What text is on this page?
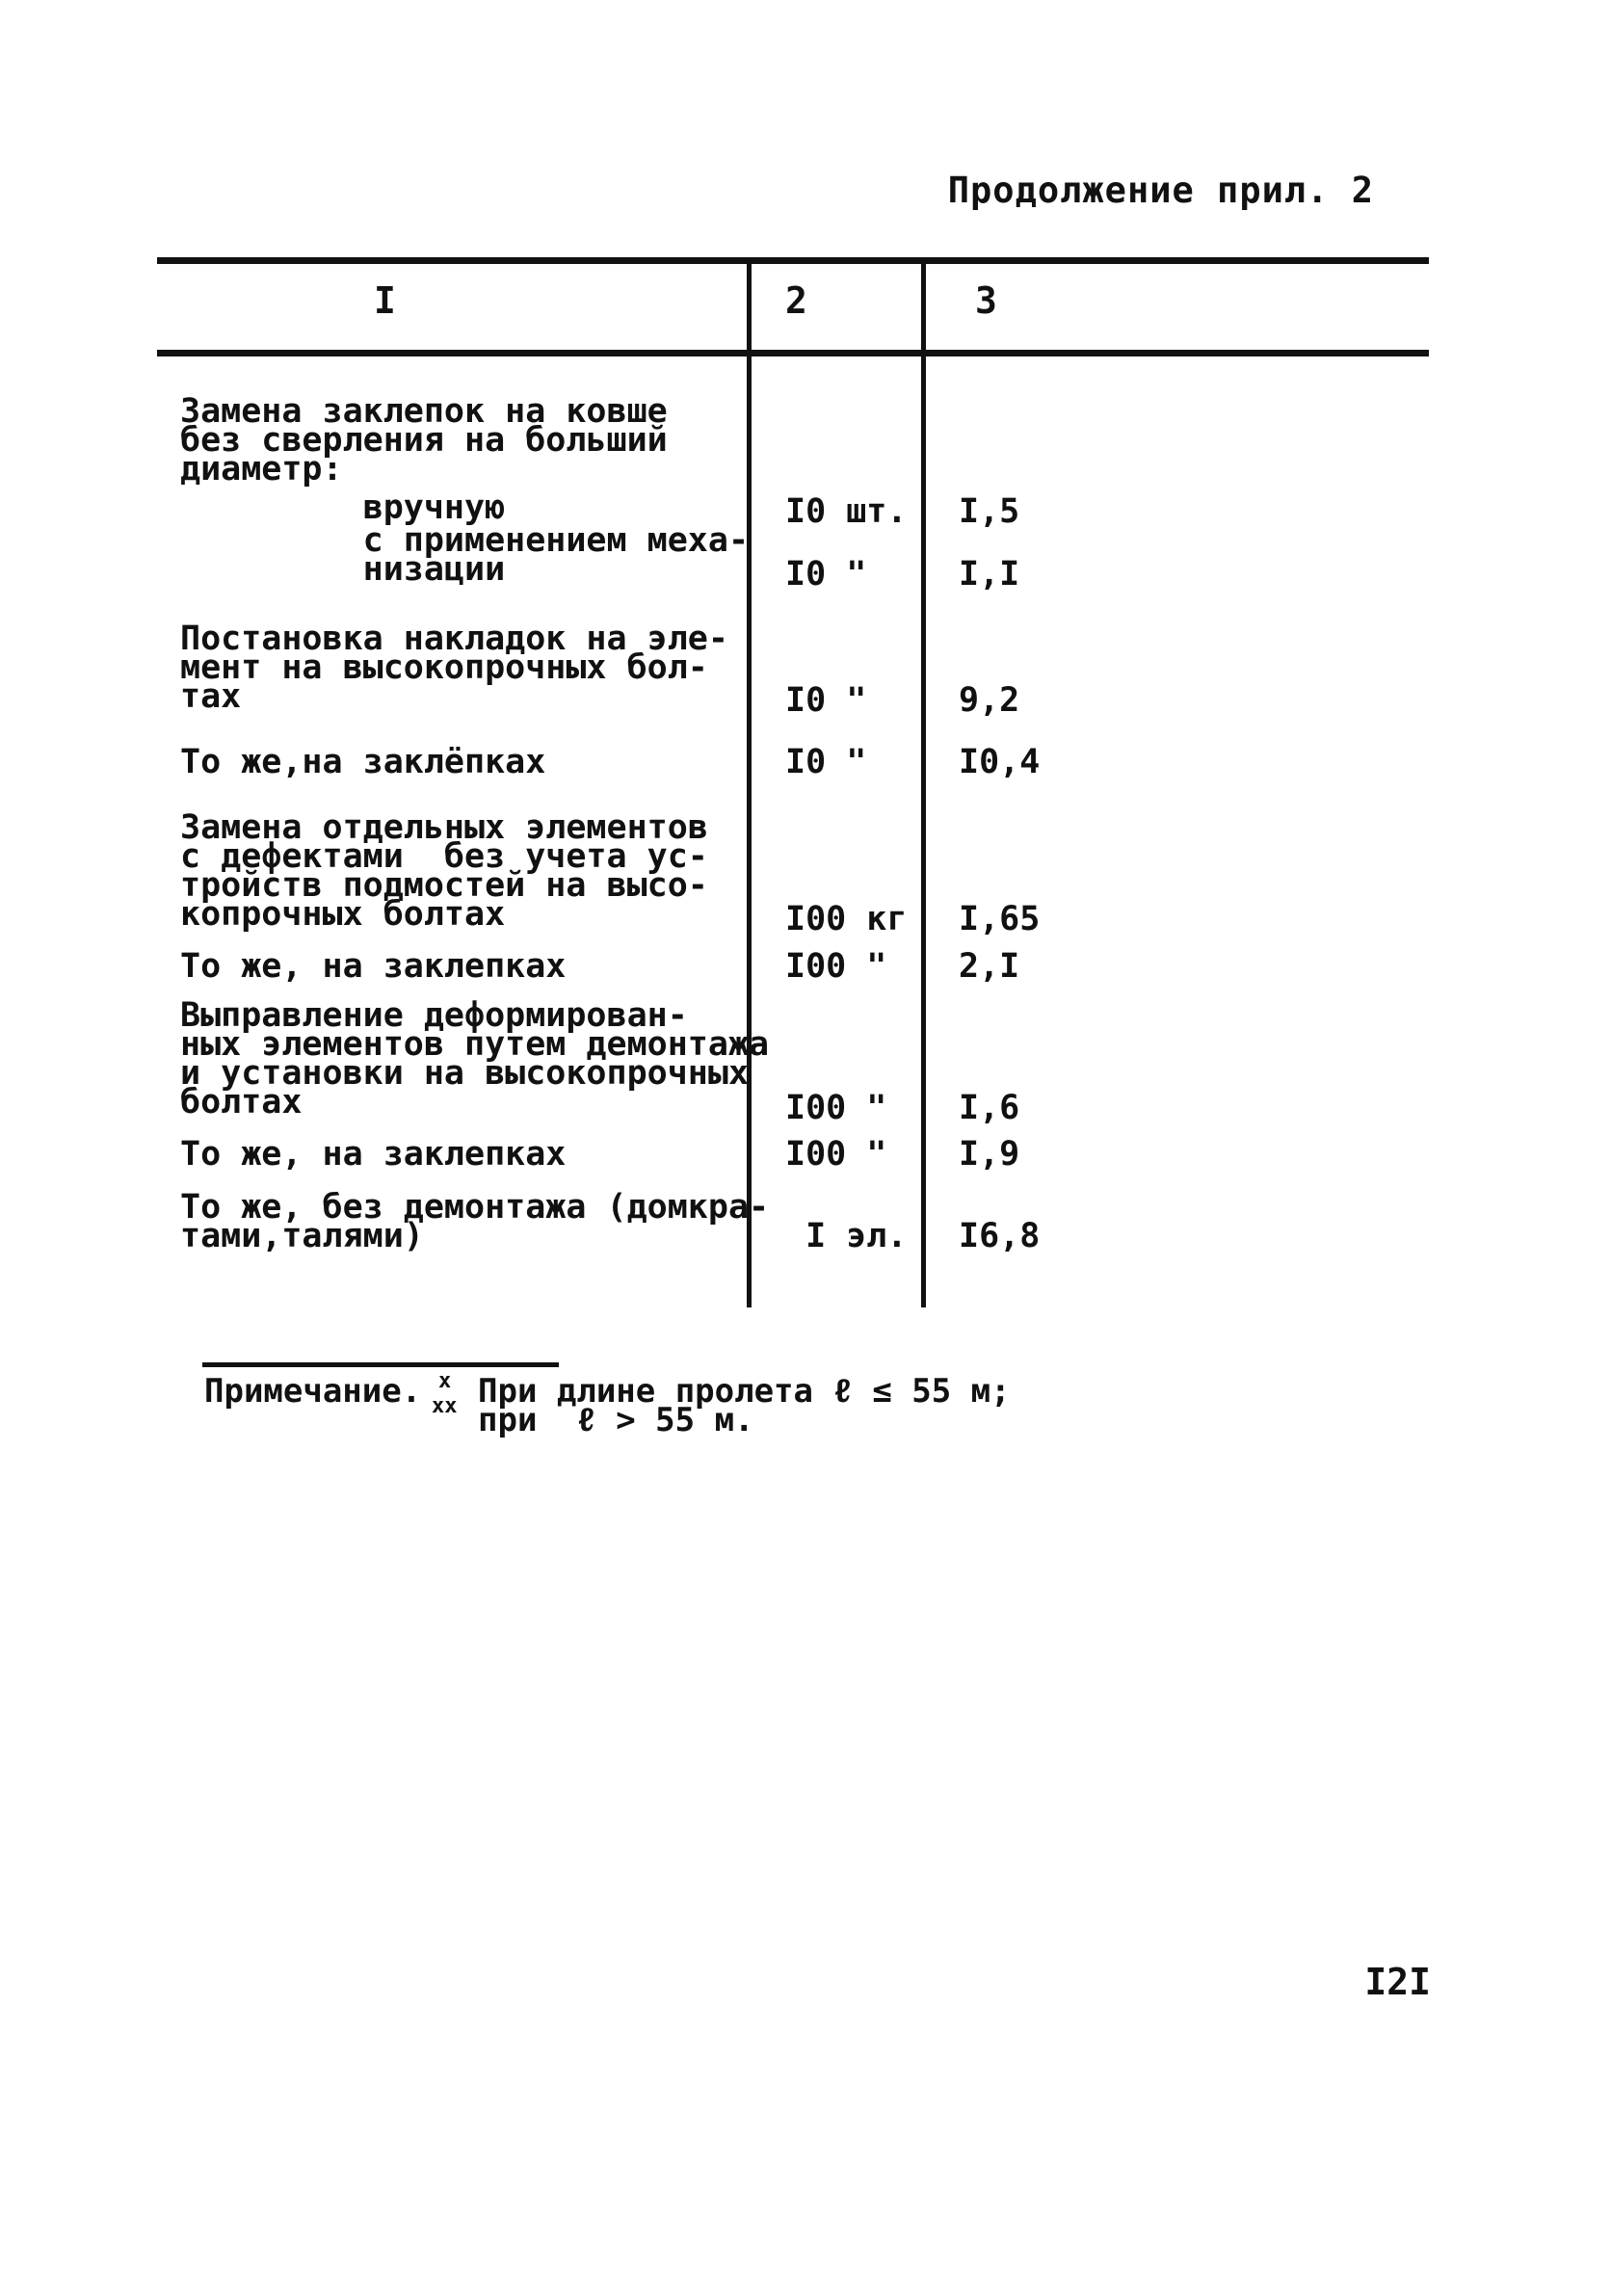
Продолжение прил. 2
I	2	3
Замена заклепок на ковше
без сверления на больший
диаметр:
вручную	I0 шт. I,5
с применением меха-
низации	I0 "	I,I
Постановка накладок на эле-
мент на высокопрочных бол-
тах	I0 "	9,2
То же,на заклёпках	I0 "	I0,4
Замена отдельных элементов
с дефектами  без учета ус-
тройств подмостей на высо-
копрочных болтах	I00 кг I,65
То же, на заклепках	I00 " 2,I
Выправление деформирован-
ных элементов путем демонтажа
и установки на высокопрочных
болтах	I00 " I,6
То же, на заклепках	I00 " I,9
То же, без демонтажа (домкра-
тами,талями)	I эл. I6,8
Примечание. x
xx При длине пролета ℓ ≤ 55 м;
при  ℓ > 55 м.
I2I
